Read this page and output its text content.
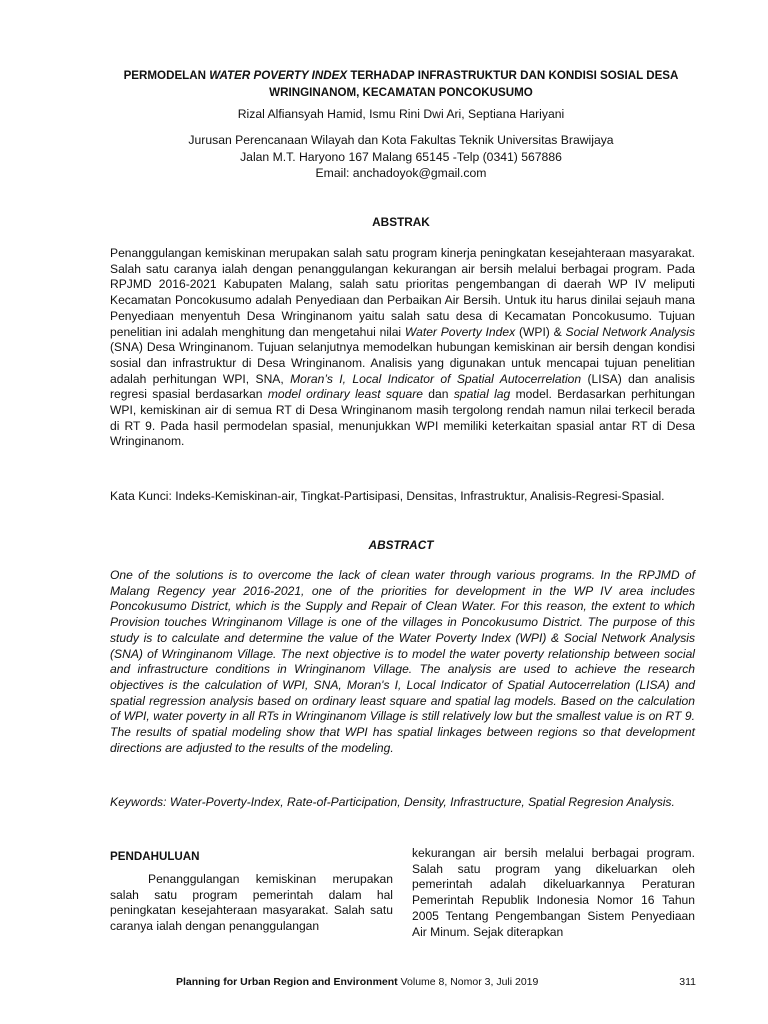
PERMODELAN WATER POVERTY INDEX TERHADAP INFRASTRUKTUR DAN KONDISI SOSIAL DESA WRINGINANOM, KECAMATAN PONCOKUSUMO
Rizal Alfiansyah Hamid, Ismu Rini Dwi Ari, Septiana Hariyani
Jurusan Perencanaan Wilayah dan Kota Fakultas Teknik Universitas Brawijaya
Jalan M.T. Haryono 167 Malang 65145 -Telp (0341) 567886
Email: anchadoyok@gmail.com
ABSTRAK
Penanggulangan kemiskinan merupakan salah satu program kinerja peningkatan kesejahteraan masyarakat. Salah satu caranya ialah dengan penanggulangan kekurangan air bersih melalui berbagai program. Pada RPJMD 2016-2021 Kabupaten Malang, salah satu prioritas pengembangan di daerah WP IV meliputi Kecamatan Poncokusumo adalah Penyediaan dan Perbaikan Air Bersih. Untuk itu harus dinilai sejauh mana Penyediaan menyentuh Desa Wringinanom yaitu salah satu desa di Kecamatan Poncokusumo. Tujuan penelitian ini adalah menghitung dan mengetahui nilai Water Poverty Index (WPI) & Social Network Analysis (SNA) Desa Wringinanom. Tujuan selanjutnya memodelkan hubungan kemiskinan air bersih dengan kondisi sosial dan infrastruktur di Desa Wringinanom. Analisis yang digunakan untuk mencapai tujuan penelitian adalah perhitungan WPI, SNA, Moran’s I, Local Indicator of Spatial Autocerrelation (LISA) dan analisis regresi spasial berdasarkan model ordinary least square dan spatial lag model. Berdasarkan perhitungan WPI, kemiskinan air di semua RT di Desa Wringinanom masih tergolong rendah namun nilai terkecil berada di RT 9. Pada hasil permodelan spasial, menunjukkan WPI memiliki keterkaitan spasial antar RT di Desa Wringinanom.
Kata Kunci: Indeks-Kemiskinan-air, Tingkat-Partisipasi, Densitas, Infrastruktur, Analisis-Regresi-Spasial.
ABSTRACT
One of the solutions is to overcome the lack of clean water through various programs. In the RPJMD of Malang Regency year 2016-2021, one of the priorities for development in the WP IV area includes Poncokusumo District, which is the Supply and Repair of Clean Water. For this reason, the extent to which Provision touches Wringinanom Village is one of the villages in Poncokusumo District. The purpose of this study is to calculate and determine the value of the Water Poverty Index (WPI) & Social Network Analysis (SNA) of Wringinanom Village. The next objective is to model the water poverty relationship between social and infrastructure conditions in Wringinanom Village. The analysis are used to achieve the research objectives is the calculation of WPI, SNA, Moran's I, Local Indicator of Spatial Autocerrelation (LISA) and spatial regression analysis based on ordinary least square and spatial lag models. Based on the calculation of WPI, water poverty in all RTs in Wringinanom Village is still relatively low but the smallest value is on RT 9. The results of spatial modeling show that WPI has spatial linkages between regions so that development directions are adjusted to the results of the modeling.
Keywords: Water-Poverty-Index, Rate-of-Participation, Density, Infrastructure, Spatial Regresion Analysis.

PENDAHULUAN

Penanggulangan kemiskinan merupakan salah satu program pemerintah dalam hal peningkatan kesejahteraan masyarakat. Salah satu caranya ialah dengan penanggulangan

kekurangan air bersih melalui berbagai program. Salah satu program yang dikeluarkan oleh pemerintah adalah dikeluarkannya Peraturan Pemerintah Republik Indonesia Nomor 16 Tahun 2005 Tentang Pengembangan Sistem Penyediaan Air Minum. Sejak diterapkan

Planning for Urban Region and Environment Volume 8, Nomor 3, Juli 2019	311
